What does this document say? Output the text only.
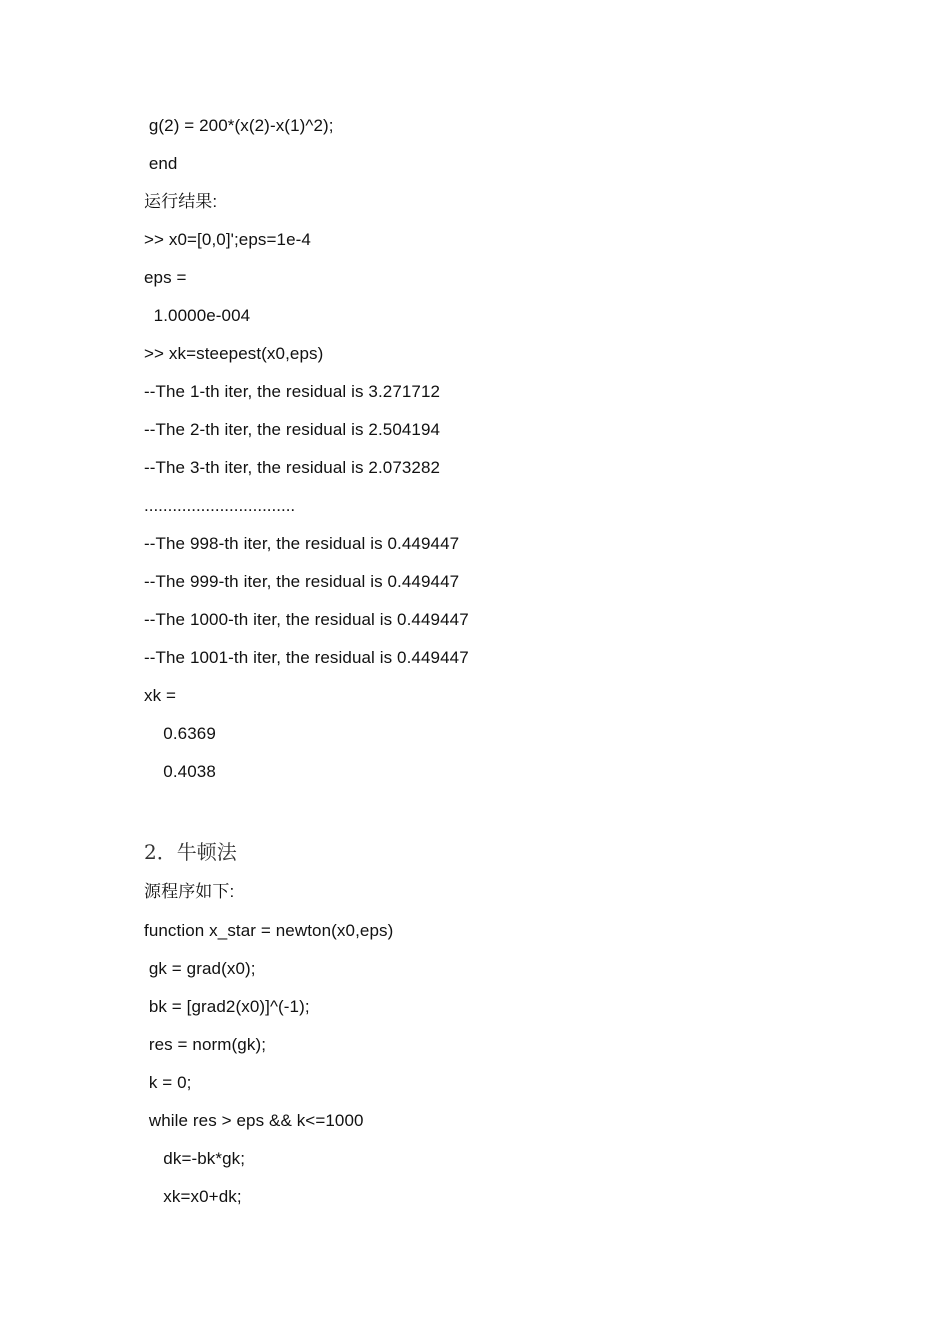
g(2) = 200*(x(2)-x(1)^2);
end
运行结果:
>> x0=[0,0]';eps=1e-4
eps =
1.0000e-004
>> xk=steepest(x0,eps)
--The 1-th iter, the residual is 3.271712
--The 2-th iter, the residual is 2.504194
--The 3-th iter, the residual is 2.073282
................................
--The 998-th iter, the residual is 0.449447
--The 999-th iter, the residual is 0.449447
--The 1000-th iter, the residual is 0.449447
--The 1001-th iter, the residual is 0.449447
xk =
0.6369
0.4038
2．牛顿法
源程序如下:
function x_star = newton(x0,eps)
gk = grad(x0);
bk = [grad2(x0)]^(-1);
res = norm(gk);
k = 0;
while res > eps && k<=1000
dk=-bk*gk;
xk=x0+dk;
